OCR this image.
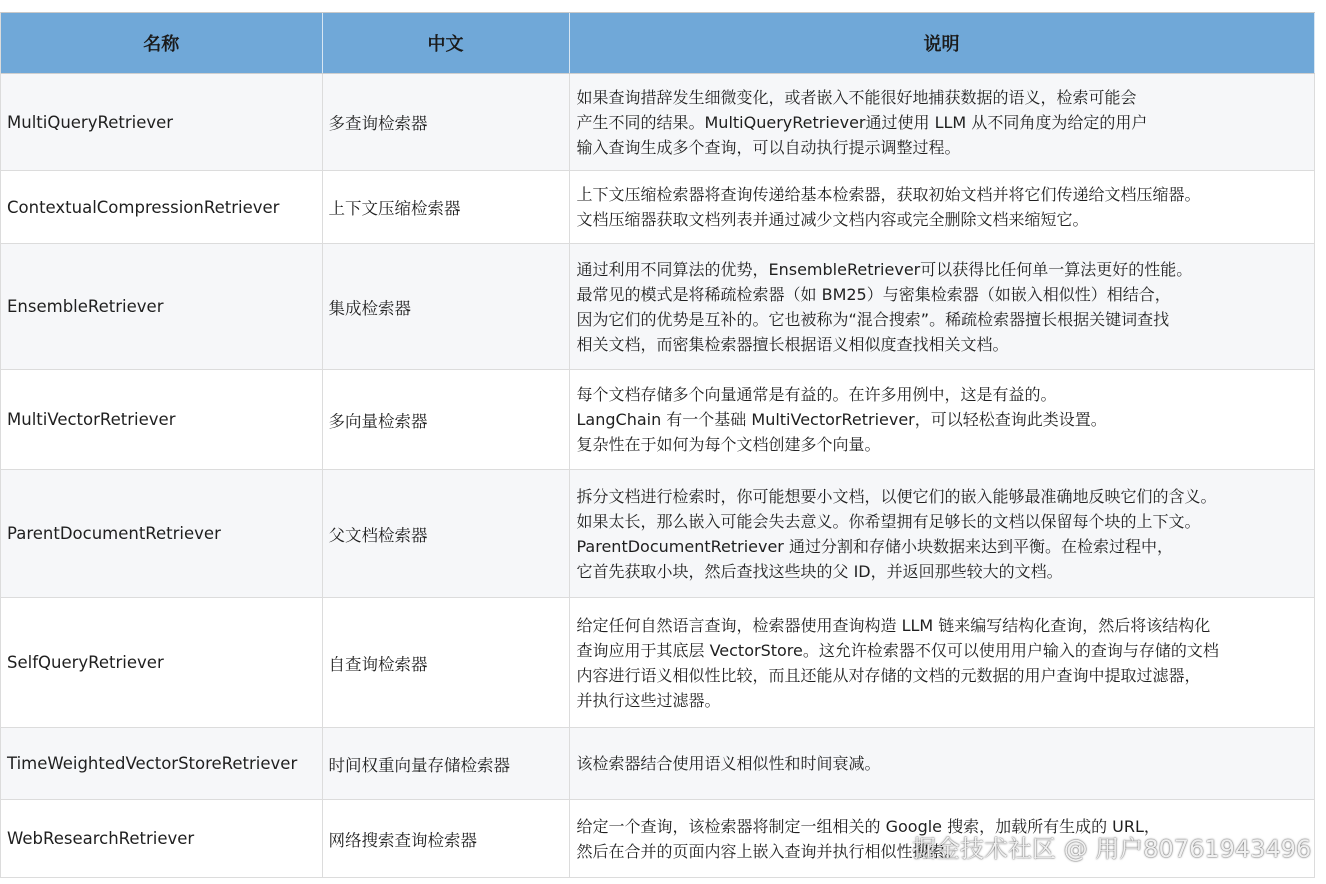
名称	中文	说明
MultiQueryRetriever	多查询检索器	如果查询措辞发生细微变化，或者嵌入不能很好地捕获数据的语义，检索可能会
产生不同的结果。MultiQueryRetriever通过使用 LLM 从不同角度为给定的用户
输入查询生成多个查询，可以自动执行提示调整过程。

ContextualCompressionRetriever	上下文压缩检索器	上下文压缩检索器将查询传递给基本检索器，获取初始文档并将它们传递给文档压缩器。
文档压缩器获取文档列表并通过减少文档内容或完全删除文档来缩短它。

EnsembleRetriever	集成检索器	通过利用不同算法的优势，EnsembleRetriever可以获得比任何单一算法更好的性能。
最常见的模式是将稀疏检索器（如 BM25）与密集检索器（如嵌入相似性）相结合，
因为它们的优势是互补的。它也被称为“混合搜索”。稀疏检索器擅长根据关键词查找
相关文档，而密集检索器擅长根据语义相似度查找相关文档。

MultiVectorRetriever	多向量检索器	每个文档存储多个向量通常是有益的。在许多用例中，这是有益的。
LangChain 有一个基础 MultiVectorRetriever，可以轻松查询此类设置。
复杂性在于如何为每个文档创建多个向量。

ParentDocumentRetriever	父文档检索器	拆分文档进行检索时，你可能想要小文档，以便它们的嵌入能够最准确地反映它们的含义。
如果太长，那么嵌入可能会失去意义。你希望拥有足够长的文档以保留每个块的上下文。
ParentDocumentRetriever 通过分割和存储小块数据来达到平衡。在检索过程中，
它首先获取小块，然后查找这些块的父 ID，并返回那些较大的文档。

SelfQueryRetriever	自查询检索器	给定任何自然语言查询，检索器使用查询构造 LLM 链来编写结构化查询，然后将该结构化
查询应用于其底层 VectorStore。这允许检索器不仅可以使用用户输入的查询与存储的文档
内容进行语义相似性比较，而且还能从对存储的文档的元数据的用户查询中提取过滤器，
并执行这些过滤器。

TimeWeightedVectorStoreRetriever	时间权重向量存储检索器	该检索器结合使用语义相似性和时间衰减。

WebResearchRetriever	网络搜索查询检索器	给定一个查询，该检索器将制定一组相关的 Google 搜索，加载所有生成的 URL，
然后在合并的页面内容上嵌入查询并执行相似性搜索。
掘金技术社区 @ 用户80761943496
